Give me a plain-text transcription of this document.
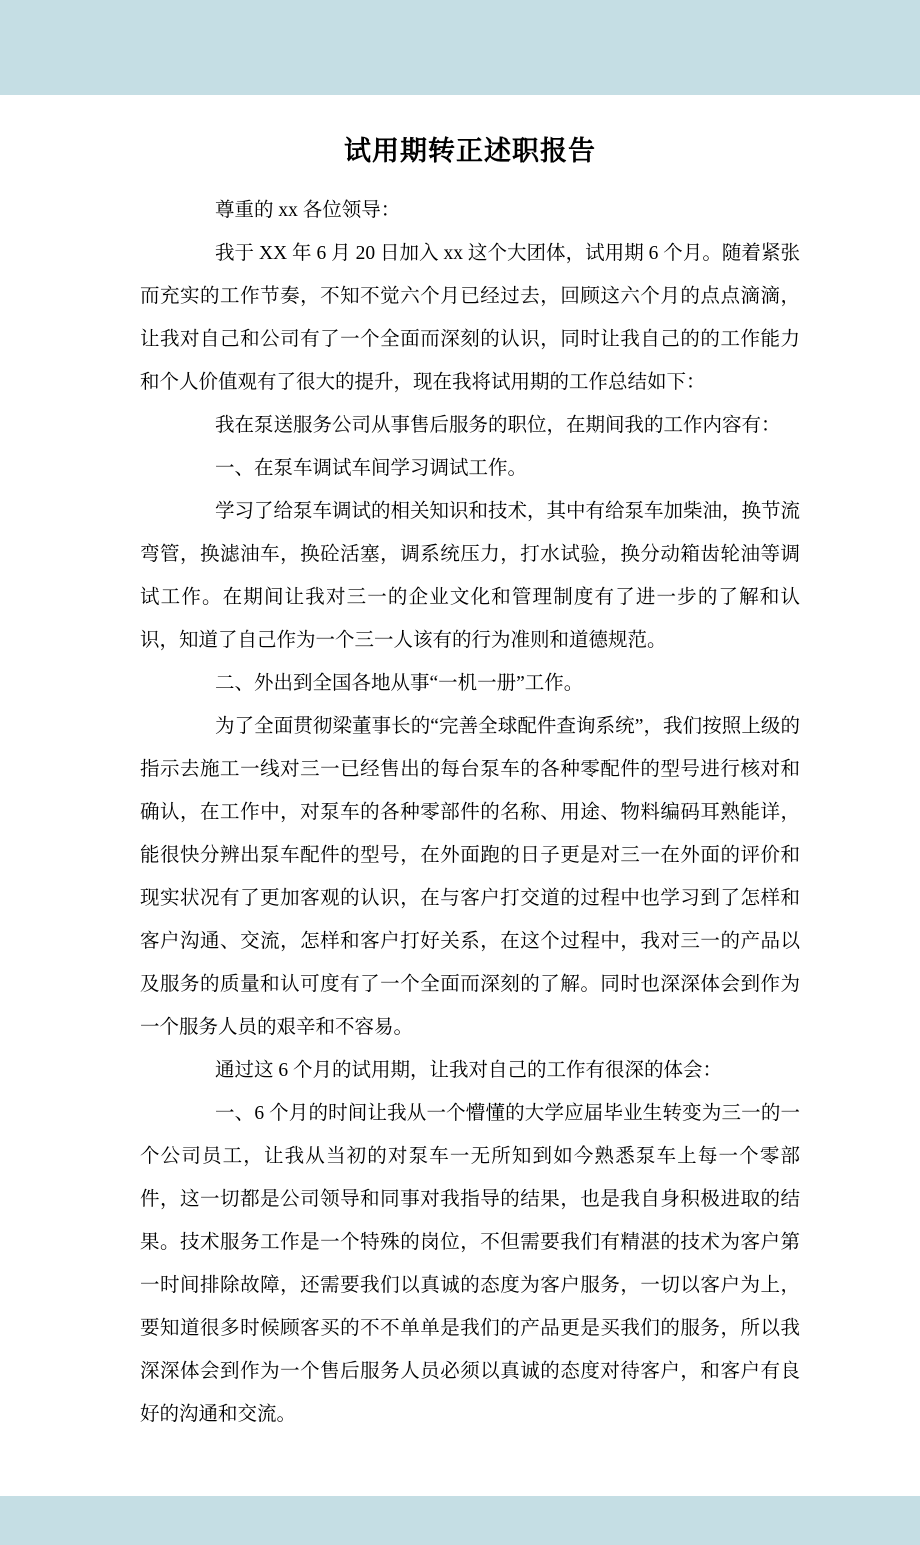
试用期转正述职报告

尊重的 xx 各位领导：

我于 XX 年 6 月 20 日加入 xx 这个大团体，试用期 6 个月。随着紧张而充实的工作节奏，不知不觉六个月已经过去，回顾这六个月的点点滴滴，让我对自己和公司有了一个全面而深刻的认识，同时让我自己的的工作能力和个人价值观有了很大的提升，现在我将试用期的工作总结如下：

我在泵送服务公司从事售后服务的职位，在期间我的工作内容有：

一、在泵车调试车间学习调试工作。

学习了给泵车调试的相关知识和技术，其中有给泵车加柴油，换节流弯管，换滤油车，换砼活塞，调系统压力，打水试验，换分动箱齿轮油等调试工作。在期间让我对三一的企业文化和管理制度有了进一步的了解和认识，知道了自己作为一个三一人该有的行为准则和道德规范。

二、外出到全国各地从事“一机一册”工作。

为了全面贯彻梁董事长的“完善全球配件查询系统”，我们按照上级的指示去施工一线对三一已经售出的每台泵车的各种零配件的型号进行核对和确认，在工作中，对泵车的各种零部件的名称、用途、物料编码耳熟能详，能很快分辨出泵车配件的型号，在外面跑的日子更是对三一在外面的评价和现实状况有了更加客观的认识，在与客户打交道的过程中也学习到了怎样和客户沟通、交流，怎样和客户打好关系，在这个过程中，我对三一的产品以及服务的质量和认可度有了一个全面而深刻的了解。同时也深深体会到作为一个服务人员的艰辛和不容易。

通过这 6 个月的试用期，让我对自己的工作有很深的体会：

一、6 个月的时间让我从一个懵懂的大学应届毕业生转变为三一的一个公司员工，让我从当初的对泵车一无所知到如今熟悉泵车上每一个零部件，这一切都是公司领导和同事对我指导的结果，也是我自身积极进取的结果。技术服务工作是一个特殊的岗位，不但需要我们有精湛的技术为客户第一时间排除故障，还需要我们以真诚的态度为客户服务，一切以客户为上，要知道很多时候顾客买的不不单单是我们的产品更是买我们的服务，所以我深深体会到作为一个售后服务人员必须以真诚的态度对待客户，和客户有良好的沟通和交流。
